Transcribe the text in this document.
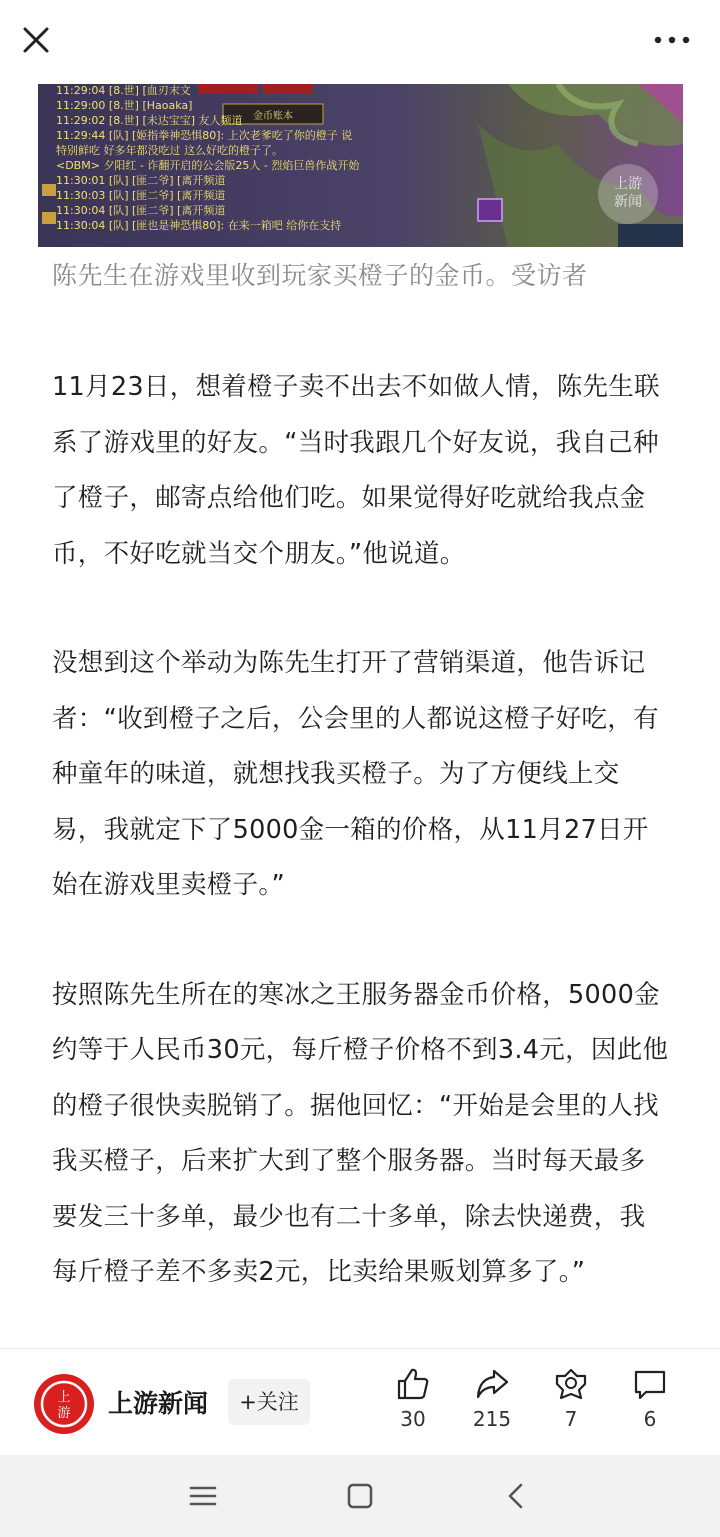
金币账本
11:29:04 [8.世] [血刃末文
11:29:00 [8.世] [Haoaka]
11:29:02 [8.世] [未达宝宝] 友人频道
11:29:44 [队] [姬指拳神恐惧80]: 上次老爹吃了你的橙子 说
特别鲜吃 好多年都没吃过 这么好吃的橙子了。
<DBM> 夕阳红 - 诈翻开启的公会版25人 - 烈焰巨兽作战开始
11:30:01 [队] [匪二爷] [离开频道
11:30:03 [队] [匪二爷] [离开频道
11:30:04 [队] [匪二爷] [离开频道
11:30:04 [队] [匪也是神恐惧80]: 在来一箱吧 给你在支持
上游
新闻
陈先生在游戏里收到玩家买橙子的金币。受访者

11月23日，想着橙子卖不出去不如做人情，陈先生联系了游戏里的好友。“当时我跟几个好友说，我自己种了橙子，邮寄点给他们吃。如果觉得好吃就给我点金币，不好吃就当交个朋友。”他说道。

没想到这个举动为陈先生打开了营销渠道，他告诉记者：“收到橙子之后，公会里的人都说这橙子好吃，有种童年的味道，就想找我买橙子。为了方便线上交易，我就定下了5000金一箱的价格，从11月27日开始在游戏里卖橙子。”

按照陈先生所在的寒冰之王服务器金币价格，5000金约等于人民币30元，每斤橙子价格不到3.4元，因此他的橙子很快卖脱销了。据他回忆：“开始是会里的人找我买橙子，后来扩大到了整个服务器。当时每天最多要发三十多单，最少也有二十多单，除去快递费，我每斤橙子差不多卖2元，比卖给果贩划算多了。”

上
游 上游新闻	+关注
30	215	7	6
